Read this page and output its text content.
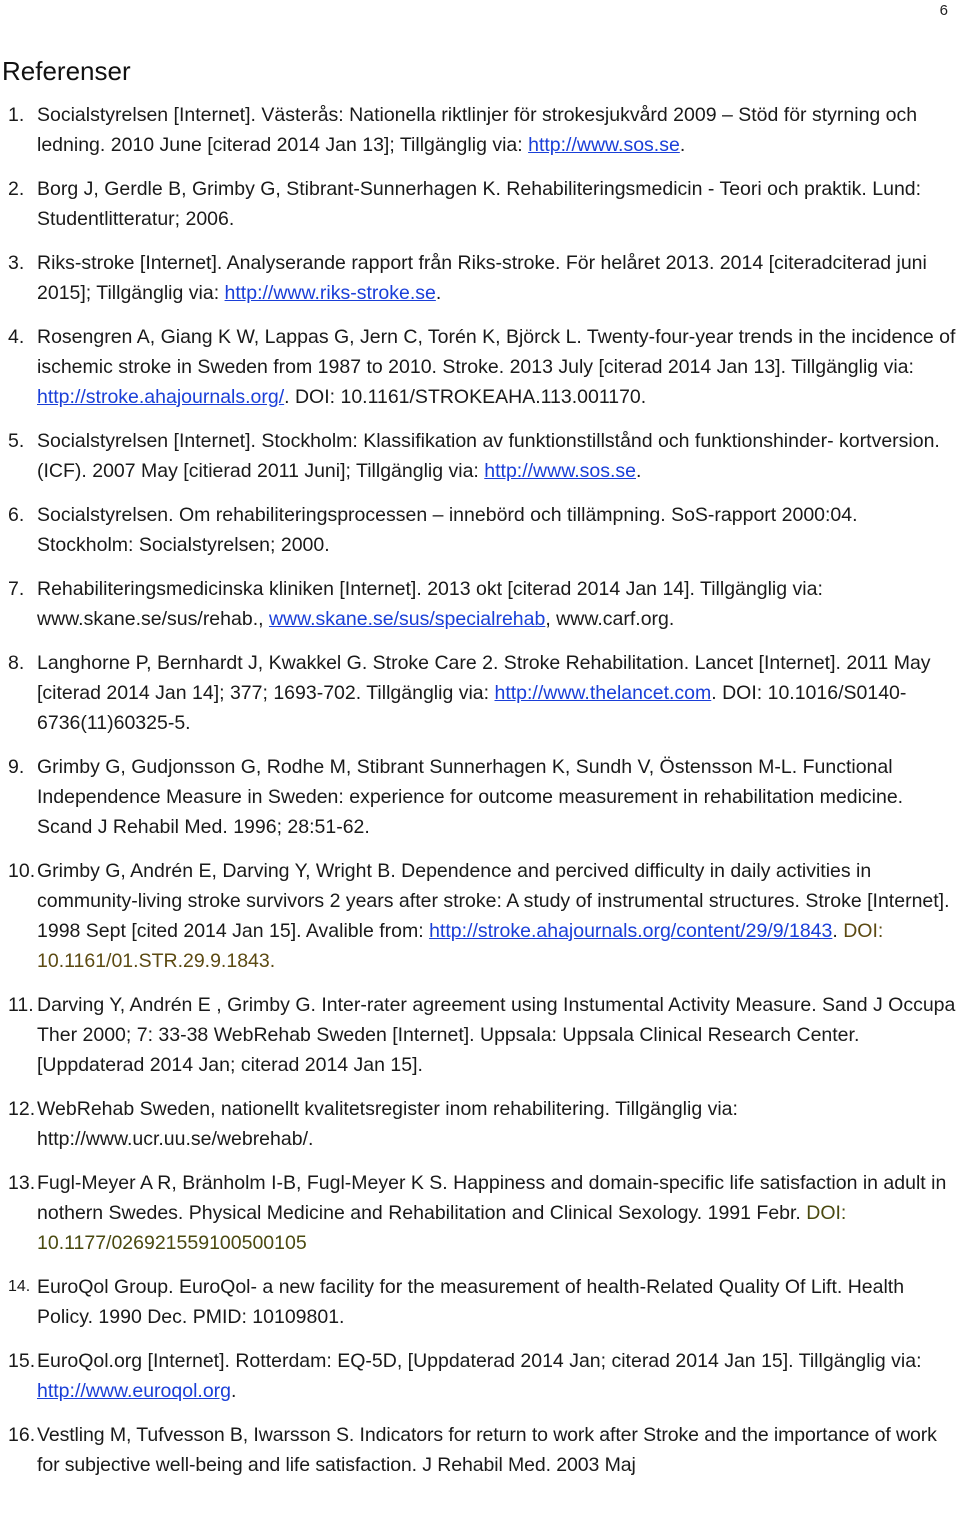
6
Referenser
1. Socialstyrelsen [Internet]. Västerås: Nationella riktlinjer för strokesjukvård 2009 – Stöd för styrning och ledning. 2010 June [citerad 2014 Jan 13]; Tillgänglig via: http://www.sos.se.
2. Borg J, Gerdle B, Grimby G, Stibrant-Sunnerhagen K. Rehabiliteringsmedicin - Teori och praktik. Lund: Studentlitteratur; 2006.
3. Riks-stroke [Internet]. Analyserande rapport från Riks-stroke. För helåret 2013. 2014 [citeradciterad juni 2015]; Tillgänglig via: http://www.riks-stroke.se.
4. Rosengren A, Giang K W, Lappas G, Jern C, Torén K, Björck L. Twenty-four-year trends in the incidence of ischemic stroke in Sweden from 1987 to 2010. Stroke. 2013 July [citerad 2014 Jan 13]. Tillgänglig via: http://stroke.ahajournals.org/. DOI: 10.1161/STROKEAHA.113.001170.
5. Socialstyrelsen [Internet]. Stockholm: Klassifikation av funktionstillstånd och funktionshinder- kortversion. (ICF). 2007 May [citierad 2011 Juni]; Tillgänglig via: http://www.sos.se.
6. Socialstyrelsen. Om rehabiliteringsprocessen – innebörd och tillämpning. SoS-rapport 2000:04. Stockholm: Socialstyrelsen; 2000.
7. Rehabiliteringsmedicinska kliniken [Internet]. 2013 okt [citerad 2014 Jan 14]. Tillgänglig via: www.skane.se/sus/rehab., www.skane.se/sus/specialrehab, www.carf.org.
8. Langhorne P, Bernhardt J, Kwakkel G. Stroke Care 2. Stroke Rehabilitation. Lancet [Internet]. 2011 May [citerad 2014 Jan 14]; 377; 1693-702. Tillgänglig via: http://www.thelancet.com. DOI: 10.1016/S0140-6736(11)60325-5.
9. Grimby G, Gudjonsson G, Rodhe M, Stibrant Sunnerhagen K, Sundh V, Östensson M-L. Functional Independence Measure in Sweden: experience for outcome measurement in rehabilitation medicine. Scand J Rehabil Med. 1996; 28:51-62.
10. Grimby G, Andrén E, Darving Y, Wright B. Dependence and percived difficulty in daily activities in community-living stroke survivors 2 years after stroke: A study of instrumental structures. Stroke [Internet]. 1998 Sept [cited 2014 Jan 15]. Avalible from: http://stroke.ahajournals.org/content/29/9/1843. DOI: 10.1161/01.STR.29.9.1843.
11. Darving Y, Andrén E , Grimby G. Inter-rater agreement using Instumental Activity Measure. Sand J Occupa Ther 2000; 7: 33-38 WebRehab Sweden [Internet]. Uppsala: Uppsala Clinical Research Center. [Uppdaterad 2014 Jan; citerad 2014 Jan 15].
12. WebRehab Sweden, nationellt kvalitetsregister inom rehabilitering. Tillgänglig via: http://www.ucr.uu.se/webrehab/.
13. Fugl-Meyer A R, Bränholm I-B, Fugl-Meyer K S. Happiness and domain-specific life satisfaction in adult in nothern Swedes. Physical Medicine and Rehabilitation and Clinical Sexology. 1991 Febr. DOI: 10.1177/026921559100500105
14. EuroQol Group. EuroQol- a new facility for the measurement of health-Related Quality Of Lift. Health Policy. 1990 Dec. PMID: 10109801.
15. EuroQol.org [Internet]. Rotterdam: EQ-5D, [Uppdaterad 2014 Jan; citerad 2014 Jan 15]. Tillgänglig via: http://www.euroqol.org.
16. Vestling M, Tufvesson B, Iwarsson S. Indicators for return to work after Stroke and the importance of work for subjective well-being and life satisfaction. J Rehabil Med. 2003 Maj
